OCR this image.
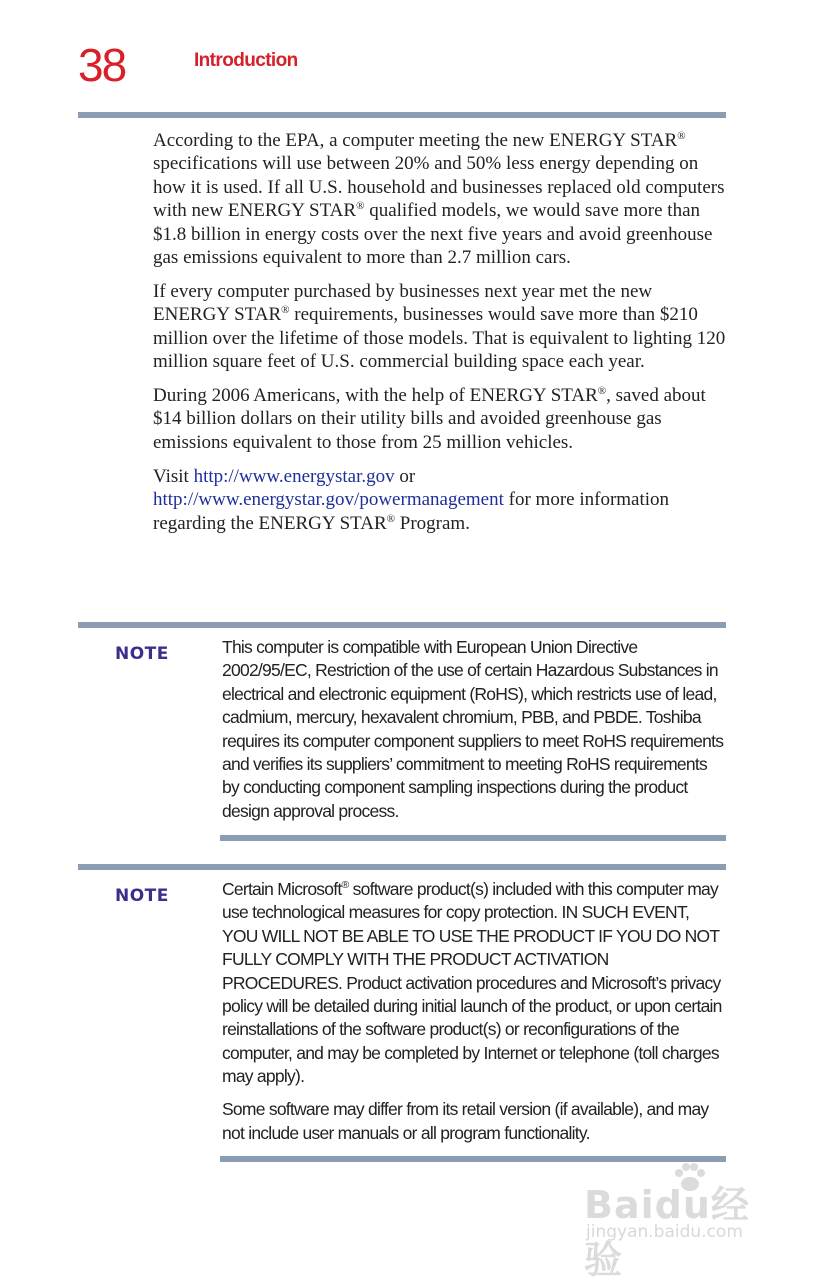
38	Introduction

According to the EPA, a computer meeting the new ENERGY STAR® specifications will use between 20% and 50% less energy depending on how it is used. If all U.S. household and businesses replaced old computers with new ENERGY STAR® qualified models, we would save more than $1.8 billion in energy costs over the next five years and avoid greenhouse gas emissions equivalent to more than 2.7 million cars.

If every computer purchased by businesses next year met the new ENERGY STAR® requirements, businesses would save more than $210 million over the lifetime of those models. That is equivalent to lighting 120 million square feet of U.S. commercial building space each year.

During 2006 Americans, with the help of ENERGY STAR®, saved about $14 billion dollars on their utility bills and avoided greenhouse gas emissions equivalent to those from 25 million vehicles.

Visit http://www.energystar.gov or
http://www.energystar.gov/powermanagement for more information regarding the ENERGY STAR® Program.

NOTE	This computer is compatible with European Union Directive 2002/95/EC, Restriction of the use of certain Hazardous Substances in electrical and electronic equipment (RoHS), which restricts use of lead, cadmium, mercury, hexavalent chromium, PBB, and PBDE. Toshiba requires its computer component suppliers to meet RoHS requirements and verifies its suppliers’ commitment to meeting RoHS requirements by conducting component sampling inspections during the product design approval process.

NOTE	Certain Microsoft® software product(s) included with this computer may use technological measures for copy protection. IN SUCH EVENT, YOU WILL NOT BE ABLE TO USE THE PRODUCT IF YOU DO NOT FULLY COMPLY WITH THE PRODUCT ACTIVATION PROCEDURES. Product activation procedures and Microsoft’s privacy policy will be detailed during initial launch of the product, or upon certain reinstallations of the software product(s) or reconfigurations of the computer, and may be completed by Internet or telephone (toll charges may apply).

Some software may differ from its retail version (if available), and may not include user manuals or all program functionality.

Baidu经验
jingyan.baidu.com
